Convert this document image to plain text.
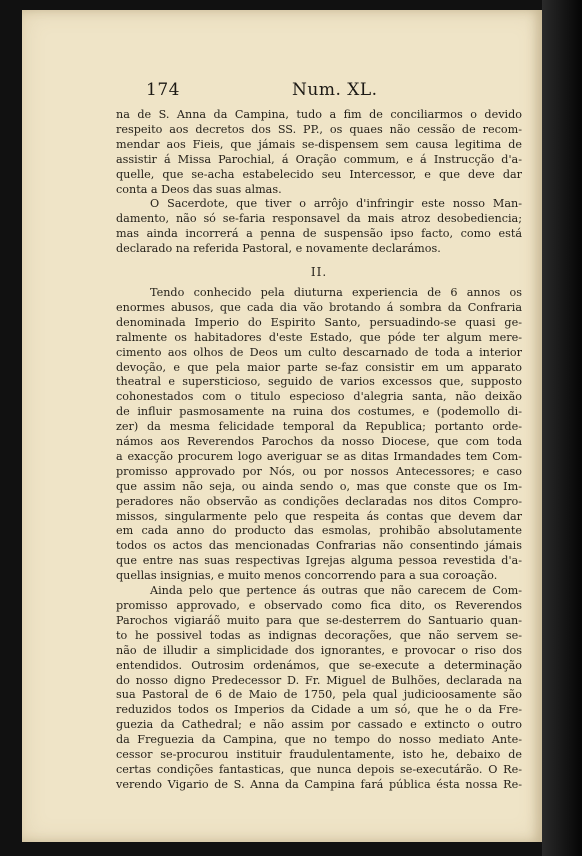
174	Num. XL.
na de S. Anna da Campina, tudo a fim de conciliarmos o devido
respeito aos decretos dos SS. PP., os quaes não cessão de recom-
mendar aos Fieis, que jámais se-dispensem sem causa legitima de
assistir á Missa Parochial, á Oração commum, e á Instrucção d'a-
quelle, que se-acha estabelecido seu Intercessor, e que deve dar
conta a Deos das suas almas.
O Sacerdote, que tiver o arrôjo d'infringir este nosso Man-
damento, não só se-faria responsavel da mais atroz desobediencia;
mas ainda incorrerá a penna de suspensão ipso facto, como está
declarado na referida Pastoral, e novamente declarámos.
II.
Tendo conhecido pela diuturna experiencia de 6 annos os
enormes abusos, que cada dia vão brotando á sombra da Confraria
denominada Imperio do Espirito Santo, persuadindo-se quasi ge-
ralmente os habitadores d'este Estado, que póde ter algum mere-
cimento aos olhos de Deos um culto descarnado de toda a interior
devoção, e que pela maior parte se-faz consistir em um apparato
theatral e supersticioso, seguido de varios excessos que, supposto
cohonestados com o titulo especioso d'alegria santa, não deixão
de influir pasmosamente na ruina dos costumes, e (podemollo di-
zer) da mesma felicidade temporal da Republica; portanto orde-
námos aos Reverendos Parochos da nosso Diocese, que com toda
a exacção procurem logo averiguar se as ditas Irmandades tem Com-
promisso approvado por Nós, ou por nossos Antecessores; e caso
que assim não seja, ou ainda sendo o, mas que conste que os Im-
peradores não observão as condições declaradas nos ditos Compro-
missos, singularmente pelo que respeita ás contas que devem dar
em cada anno do producto das esmolas, prohibão absolutamente
todos os actos das mencionadas Confrarias não consentindo jámais
que entre nas suas respectivas Igrejas alguma pessoa revestida d'a-
quellas insignias, e muito menos concorrendo para a sua coroação.
Ainda pelo que pertence ás outras que não carecem de Com-
promisso approvado, e observado como fica dito, os Reverendos
Parochos vigiaráõ muito para que se-desterrem do Santuario quan-
to he possivel todas as indignas decorações, que não servem se-
não de illudir a simplicidade dos ignorantes, e provocar o riso dos
entendidos. Outrosim ordenámos, que se-execute a determinação
do nosso digno Predecessor D. Fr. Miguel de Bulhões, declarada na
sua Pastoral de 6 de Maio de 1750, pela qual judicioosamente são
reduzidos todos os Imperios da Cidade a um só, que he o da Fre-
guezia da Cathedral; e não assim por cassado e extincto o outro
da Freguezia da Campina, que no tempo do nosso mediato Ante-
cessor se-procurou instituir fraudulentamente, isto he, debaixo de
certas condições fantasticas, que nunca depois se-executárão. O Re-
verendo Vigario de S. Anna da Campina fará pública ésta nossa Re-
